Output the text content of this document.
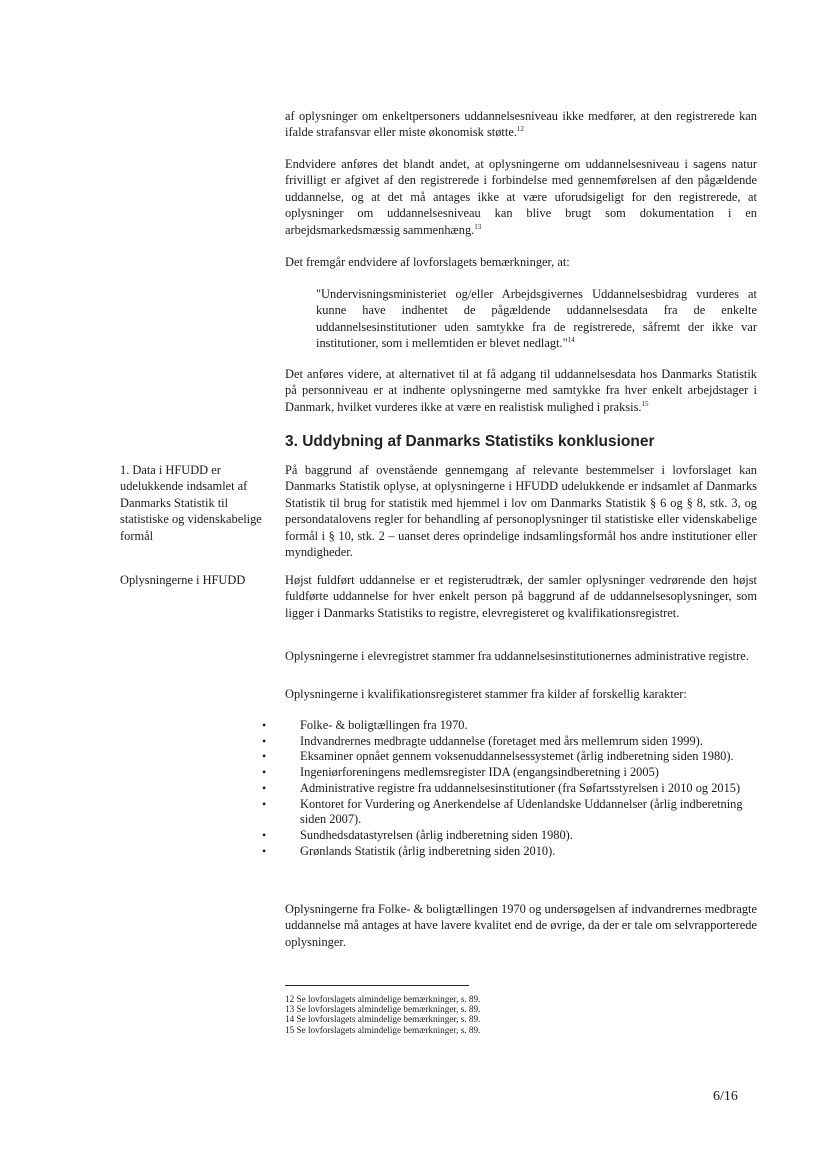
af oplysninger om enkeltpersoners uddannelsesniveau ikke medfører, at den registrerede kan ifalde strafansvar eller miste økonomisk støtte.$^{12}$

Endvidere anføres det blandt andet, at oplysningerne om uddannelsesniveau i sagens natur frivilligt er afgivet af den registrerede i forbindelse med gennemførelsen af den pågældende uddannelse, og at det må antages ikke at være uforudsigeligt for den registrerede, at oplysninger om uddannelsesniveau kan blive brugt som dokumentation i en arbejdsmarkedsmæssig sammenhæng.$^{13}$

Det fremgår endvidere af lovforslagets bemærkninger, at:

"Undervisningsministeriet og/eller Arbejdsgivernes Uddannelsesbidrag vurderes at kunne have indhentet de pågældende uddannelsesdata fra de enkelte uddannelsesinstitutioner uden samtykke fra de registrerede, såfremt der ikke var institutioner, som i mellemtiden er blevet nedlagt."$^{14}$

Det anføres videre, at alternativet til at få adgang til uddannelsesdata hos Danmarks Statistik på personniveau er at indhente oplysningerne med samtykke fra hver enkelt arbejdstager i Danmark, hvilket vurderes ikke at være en realistisk mulighed i praksis.$^{15}$

3. Uddybning af Danmarks Statistiks konklusioner
1. Data i HFUDD er udelukkende indsamlet af Danmarks Statistik til statistiske og videnskabelige formål
Oplysningerne i HFUDD

På baggrund af ovenstående gennemgang af relevante bestemmelser i lovforslaget kan Danmarks Statistik oplyse, at oplysningerne i HFUDD udelukkende er indsamlet af Danmarks Statistik til brug for statistik med hjemmel i lov om Danmarks Statistik § 6 og § 8, stk. 3, og persondatalovens regler for behandling af personoplysninger til statistiske eller videnskabelige formål i § 10, stk. 2 – uanset deres oprindelige indsamlingsformål hos andre institutioner eller myndigheder.

Højst fuldført uddannelse er et registerudtræk, der samler oplysninger vedrørende den højst fuldførte uddannelse for hver enkelt person på baggrund af de uddannelsesoplysninger, som ligger i Danmarks Statistiks to registre, elevregisteret og kvalifikationsregistret.

Oplysningerne i elevregistret stammer fra uddannelsesinstitutionernes administrative registre.

Oplysningerne i kvalifikationsregisteret stammer fra kilder af forskellig karakter:

•	Folke- & boligtællingen fra 1970.
•	Indvandrernes medbragte uddannelse (foretaget med års mellemrum siden 1999).
•	Eksaminer opnået gennem voksenuddannelsessystemet (årlig indberetning siden 1980).
•	Ingeniørforeningens medlemsregister IDA (engangsindberetning i 2005)
•	Administrative registre fra uddannelsesinstitutioner (fra Søfartsstyrelsen i 2010 og 2015)
•	Kontoret for Vurdering og Anerkendelse af Udenlandske Uddannelser (årlig indberetning siden 2007).
•	Sundhedsdatastyrelsen (årlig indberetning siden 1980).
•	Grønlands Statistik (årlig indberetning siden 2010).

Oplysningerne fra Folke- & boligtællingen 1970 og undersøgelsen af indvandrernes medbragte uddannelse må antages at have lavere kvalitet end de øvrige, da der er tale om selvrapporterede oplysninger.

12 Se lovforslagets almindelige bemærkninger, s. 89.
13 Se lovforslagets almindelige bemærkninger, s. 89.
14 Se lovforslagets almindelige bemærkninger, s. 89.
15 Se lovforslagets almindelige bemærkninger, s. 89.
6/16
